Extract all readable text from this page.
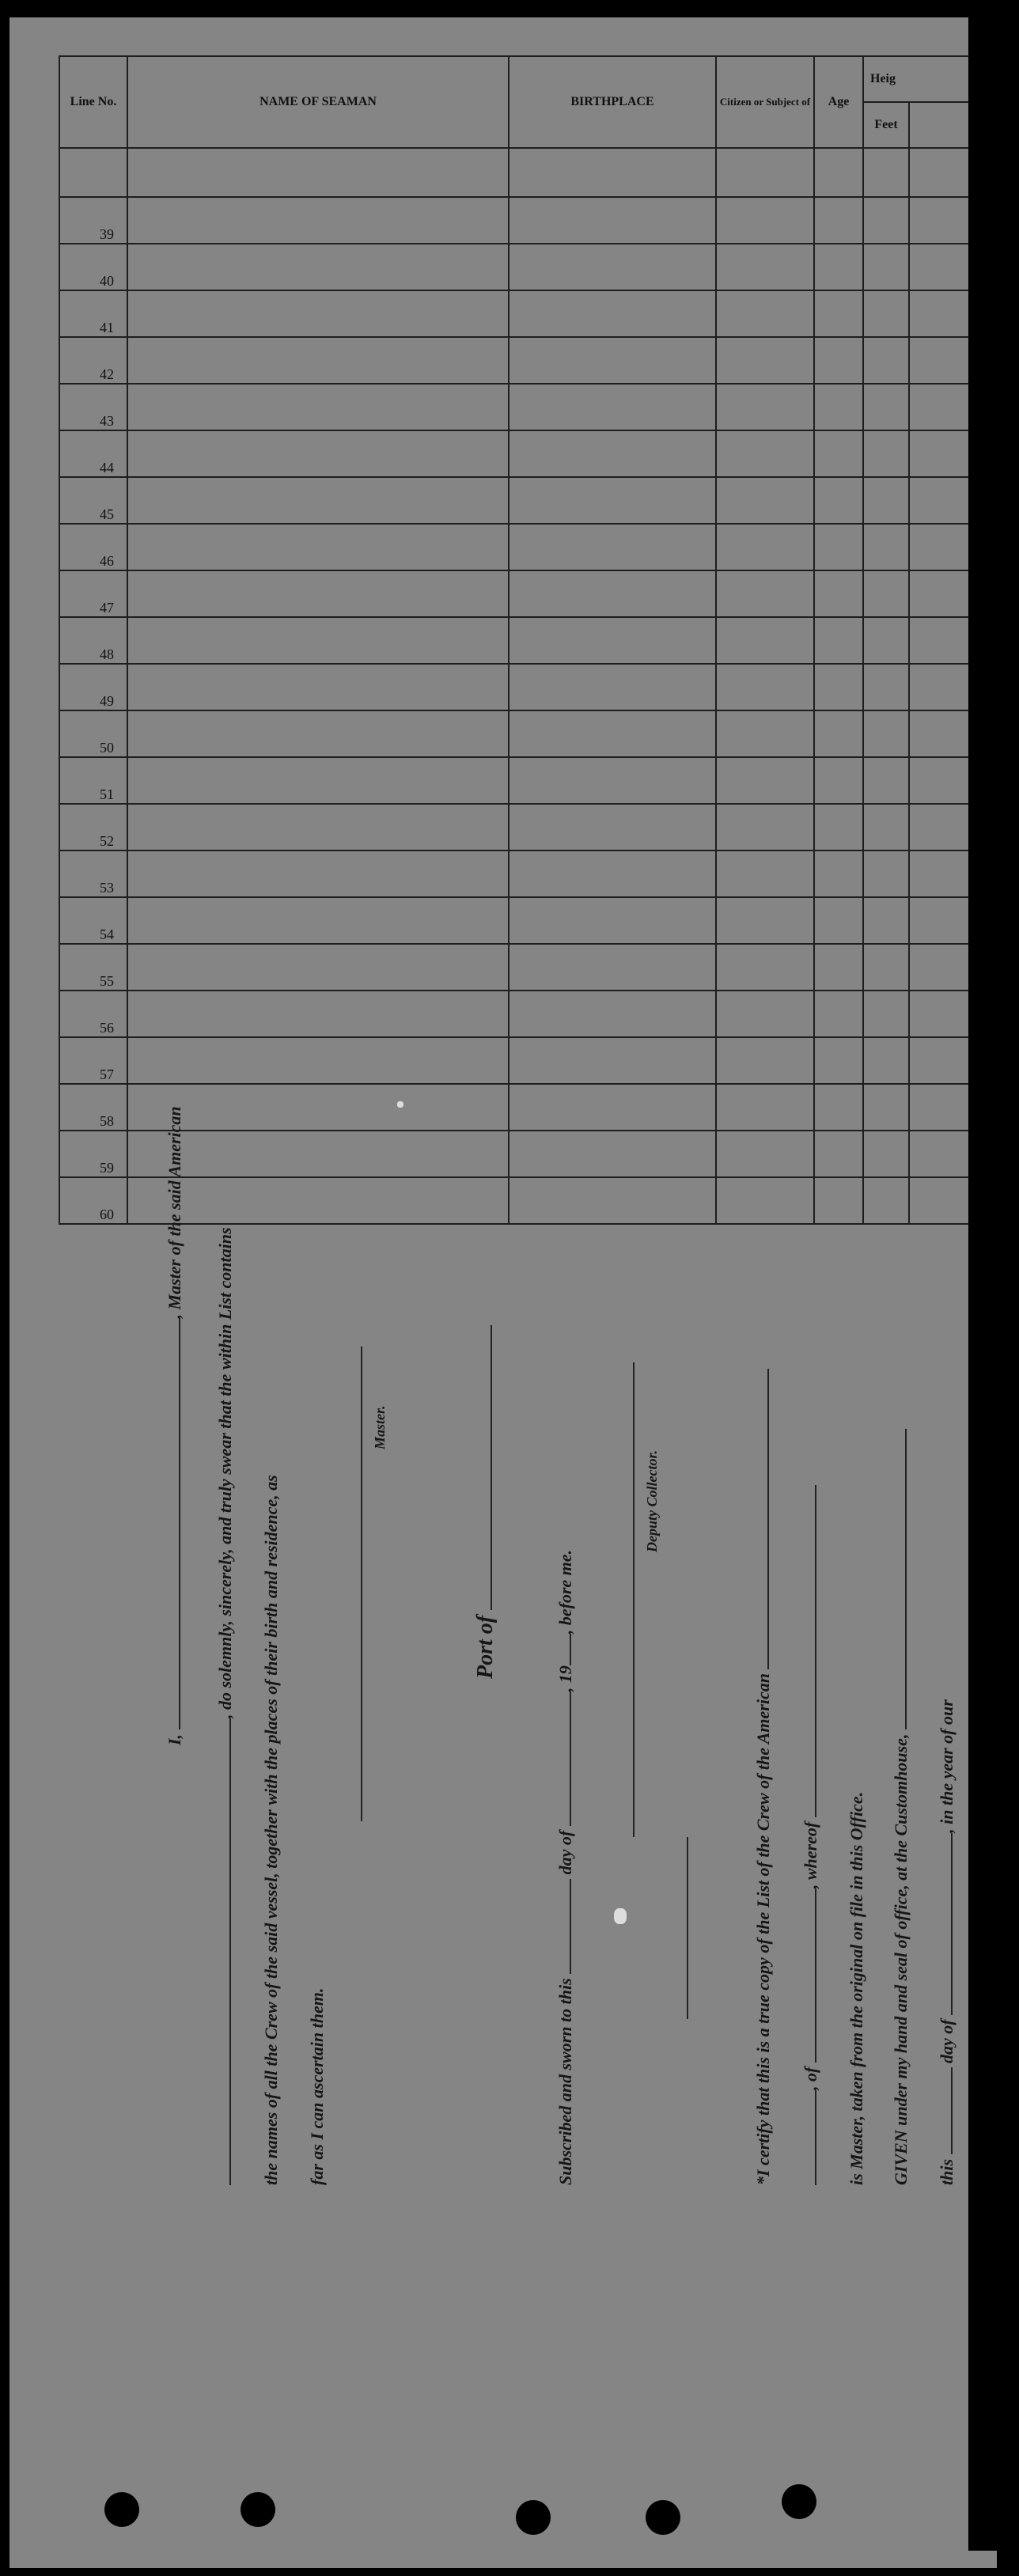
Line No.	NAME OF SEAMAN	BIRTHPLACE	Citizen or Subject of	Age	Heig	
					Feet	

39						
40						
41						
42						
43						
44						
45						
46						
47						
48						
49						
50						
51						
52						
53						
54						
55						
56						
57						
58						
59						
60						
I, , Master of the said American
, do solemnly, sincerely, and truly swear that the within List contains
the names of all the Crew of the said vessel, together with the places of their birth and residence, as far as I can ascertain them.
Master.
Port of
Subscribed and sworn to this  day of , 19, before me.
Deputy Collector.
*I certify that this is a true copy of the List of the Crew of the American , of , whereof is Master, taken from the original on file in this Office. GIVEN under my hand and seal of office, at the Customhouse, this  day of , in the year of our
